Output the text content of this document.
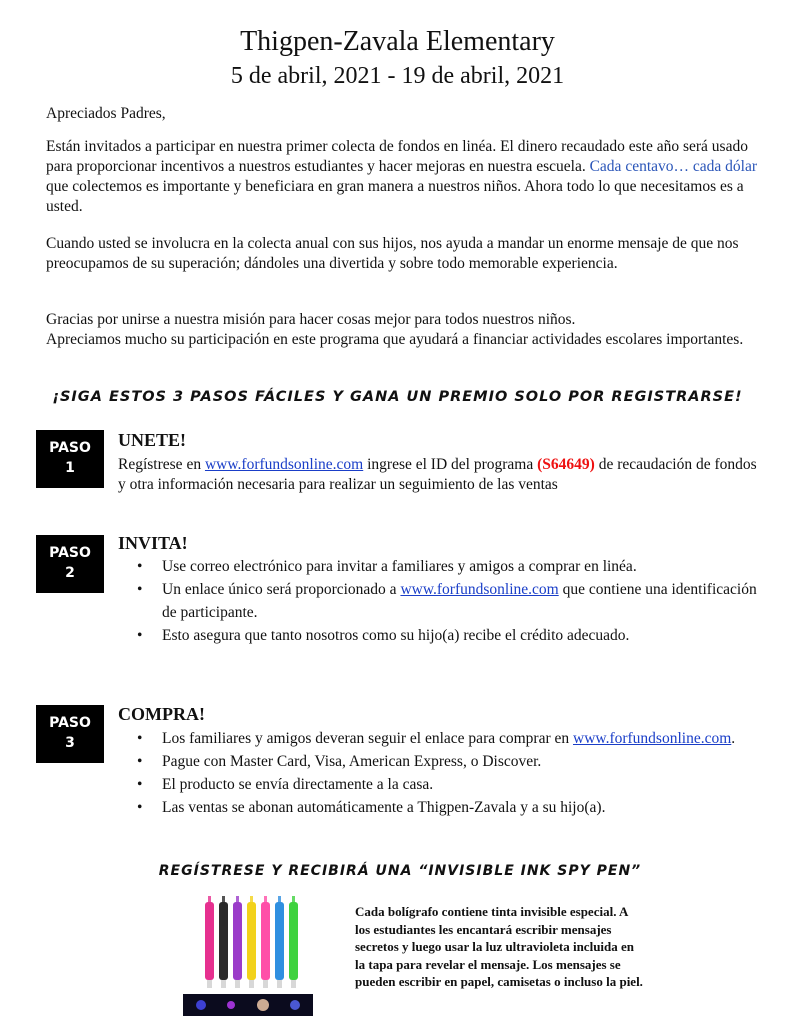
Thigpen-Zavala Elementary
5 de abril, 2021 - 19 de abril, 2021
Apreciados Padres,
Están invitados a participar en nuestra primer colecta de fondos en linéa. El dinero recaudado este año será usado para proporcionar incentivos a nuestros estudiantes y hacer mejoras en nuestra escuela. Cada centavo… cada dólar que colectemos es importante y beneficiara en gran manera a nuestros niños. Ahora todo lo que necesitamos es a usted.
Cuando usted se involucra en la colecta anual con sus hijos, nos ayuda a mandar un enorme mensaje de que nos preocupamos de su superación; dándoles una divertida y sobre todo memorable experiencia.
Gracias por unirse a nuestra misión para hacer cosas mejor para todos nuestros niños.
Apreciamos mucho su participación en este programa que ayudará a financiar actividades escolares importantes.
¡SIGA ESTOS 3 PASOS FÁCILES Y GANA UN PREMIO SOLO POR REGISTRARSE!
PASO
1
UNETE!
Regístrese en www.forfundsonline.com ingrese el ID del programa (S64649) de recaudación de fondos y otra información necesaria para realizar un seguimiento de las ventas
PASO
2
INVITA!
• Use correo electrónico para invitar a familiares y amigos a comprar en linéa.
• Un enlace único será proporcionado a www.forfundsonline.com que contiene una identificación de participante.
• Esto asegura que tanto nosotros como su hijo(a) recibe el crédito adecuado.
PASO
3
COMPRA!
• Los familiares y amigos deveran seguir el enlace para comprar en www.forfundsonline.com.
• Pague con Master Card, Visa, American Express, o Discover.
• El producto se envía directamente a la casa.
• Las ventas se abonan automáticamente a Thigpen-Zavala y a su hijo(a).
REGÍSTRESE Y RECIBIRÁ UNA “INVISIBLE INK SPY PEN”
Cada bolígrafo contiene tinta invisible especial. A los estudiantes les encantará escribir mensajes secretos y luego usar la luz ultravioleta incluida en la tapa para revelar el mensaje. Los mensajes se pueden escribir en papel, camisetas o incluso la piel.
